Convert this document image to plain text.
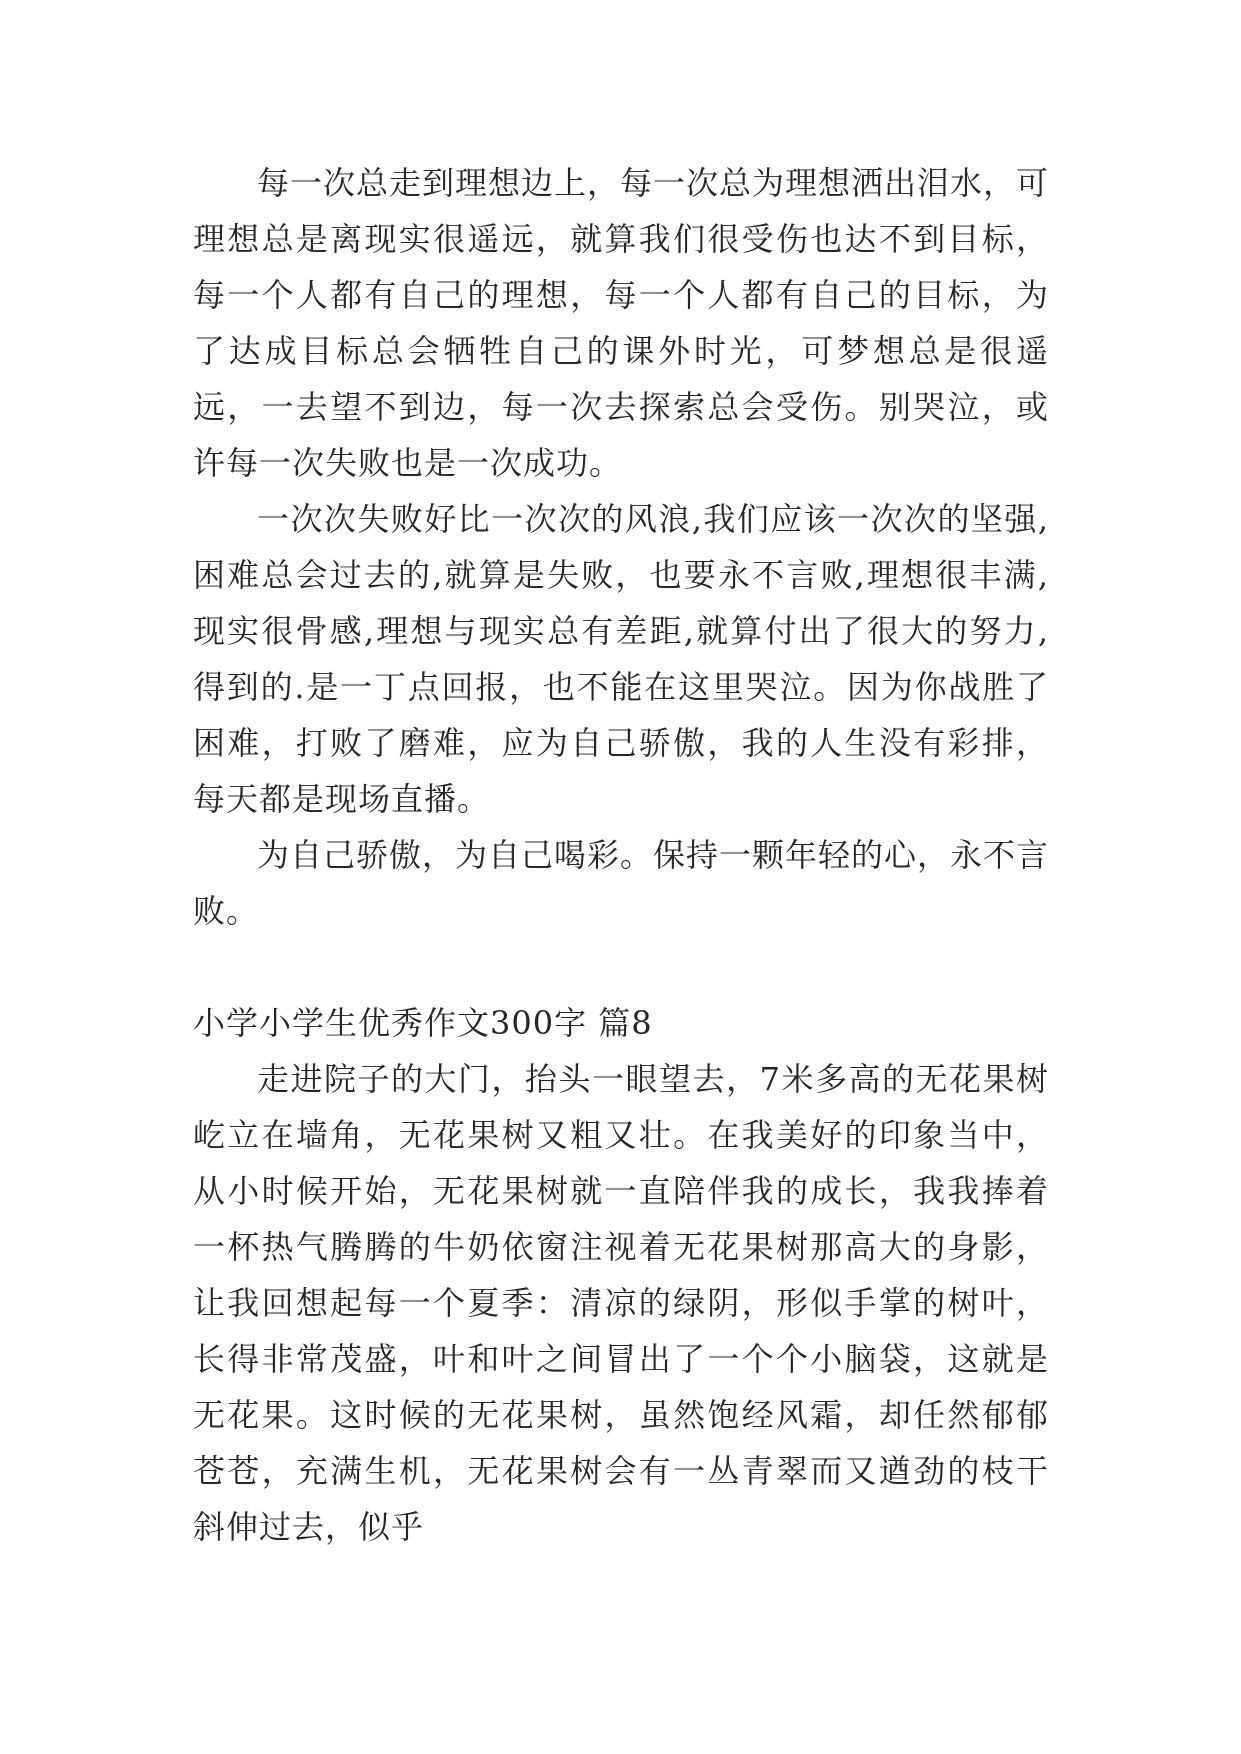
每一次总走到理想边上，每一次总为理想洒出泪水，可理想总是离现实很遥远，就算我们很受伤也达不到目标，每一个人都有自己的理想，每一个人都有自己的目标，为了达成目标总会牺牲自己的课外时光，可梦想总是很遥远，一去望不到边，每一次去探索总会受伤。别哭泣，或许每一次失败也是一次成功。

一次次失败好比一次次的风浪,我们应该一次次的坚强,困难总会过去的,就算是失败，也要永不言败,理想很丰满,现实很骨感,理想与现实总有差距,就算付出了很大的努力,得到的.是一丁点回报，也不能在这里哭泣。因为你战胜了困难，打败了磨难，应为自己骄傲，我的人生没有彩排，每天都是现场直播。

为自己骄傲，为自己喝彩。保持一颗年轻的心，永不言败。

小学小学生优秀作文300字 篇8

走进院子的大门，抬头一眼望去，7米多高的无花果树屹立在墙角，无花果树又粗又壮。在我美好的印象当中，从小时候开始，无花果树就一直陪伴我的成长，我我捧着一杯热气腾腾的牛奶依窗注视着无花果树那高大的身影，让我回想起每一个夏季：清凉的绿阴，形似手掌的树叶，长得非常茂盛，叶和叶之间冒出了一个个小脑袋，这就是无花果。这时候的无花果树，虽然饱经风霜，却任然郁郁苍苍，充满生机，无花果树会有一丛青翠而又遒劲的枝干斜伸过去，似乎
